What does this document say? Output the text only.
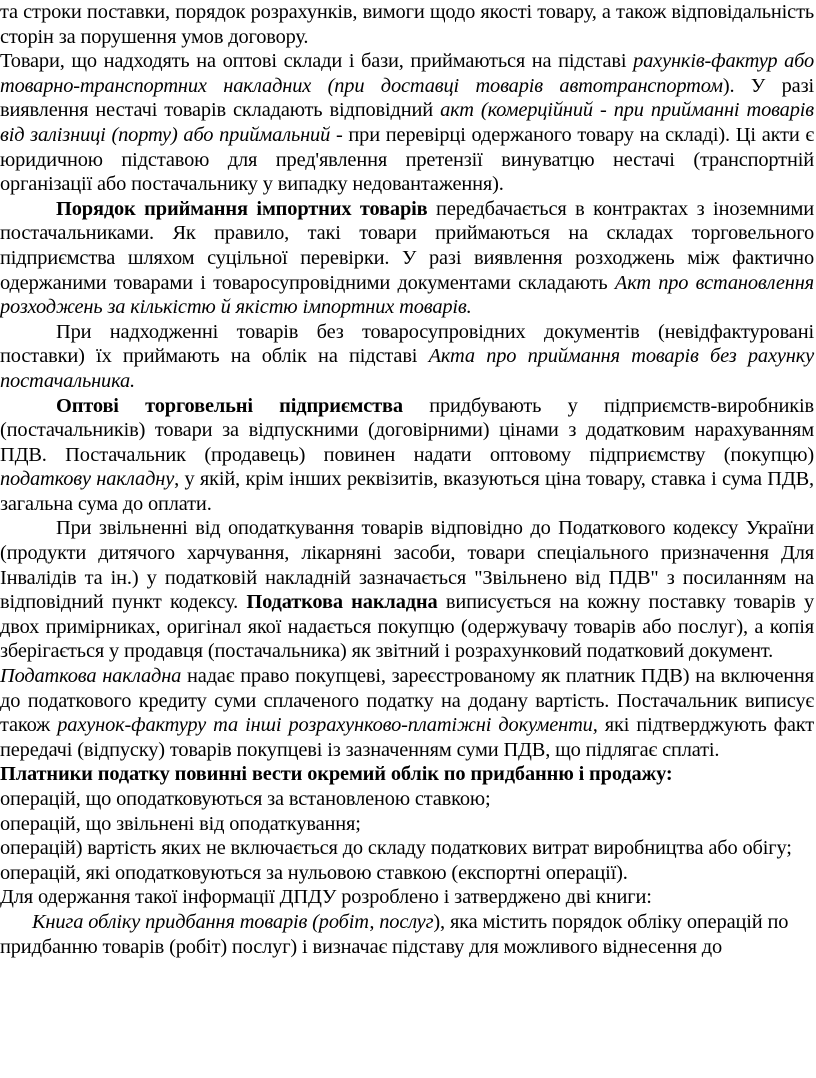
та строки поставки, порядок розрахунків, вимоги щодо якості товару, а також відповідальність сторін за порушення умов договору.

Товари, що надходять на оптові склади і бази, приймаються на підставі рахунків-фактур або товарно-транспортних накладних (при доставці товарів автотранспортом). У разі виявлення нестачі товарів складають відповідний акт (комерційний - при прийманні товарів від залізниці (порту) або приймальний - при перевірці одержаного товару на складі). Ці акти є юридичною підставою для пред'явлення претензії винуватцю нестачі (транспортній організації або постачальнику у випадку недовантаження).

Порядок приймання імпортних товарів передбачається в контрактах з іноземними постачальниками. Як правило, такі товари приймаються на складах торговельного підприємства шляхом суцільної перевірки. У разі виявлення розходжень між фактично одержаними товарами і товаросупровідними документами складають Акт про встановлення розходжень за кількістю й якістю імпортних товарів.

При надходженні товарів без товаросупровідних документів (невідфактуровані поставки) їх приймають на облік на підставі Акта про приймання товарів без рахунку постачальника.

Оптові торговельні підприємства придбувають у підприємств-виробників (постачальників) товари за відпускними (договірними) цінами з додатковим нарахуванням ПДВ. Постачальник (продавець) повинен надати оптовому підприємству (покупцю) податкову накладну, у якій, крім інших реквізитів, вказуються ціна товару, ставка і сума ПДВ, загальна сума до оплати.

При звільненні від оподаткування товарів відповідно до Податкового кодексу України (продукти дитячого харчування, лікарняні засоби, товари спеціального призначення Для Інвалідів та ін.) у податковій накладній зазначається "Звільнено від ПДВ" з посиланням на відповідний пункт кодексу. Податкова накладна виписується на кожну поставку товарів у двох примірниках, оригінал якої надається покупцю (одержувачу товарів або послуг), а копія зберігається у продавця (постачальника) як звітний і розрахунковий податковий документ.

Податкова накладна надає право покупцеві, зареєстрованому як платник ПДВ) на включення до податкового кредиту суми сплаченого податку на додану вартість. Постачальник виписує також рахунок-фактуру та інші розрахунково-платіжні документи, які підтверджують факт передачі (відпуску) товарів покупцеві із зазначенням суми ПДВ, що підлягає сплаті.

Платники податку повинні вести окремий облік по придбанню і продажу:

операцій, що оподатковуються за встановленою ставкою;

операцій, що звільнені від оподаткування;

операцій) вартість яких не включається до складу податкових витрат виробництва або обігу;

операцій, які оподатковуються за нульовою ставкою (експортні операції).

Для одержання такої інформації ДПДУ розроблено і затверджено дві книги:

Книга обліку придбання товарів (робіт, послуг), яка містить порядок обліку операцій по придбанню товарів (робіт) послуг) і визначає підставу для можливого віднесення до
